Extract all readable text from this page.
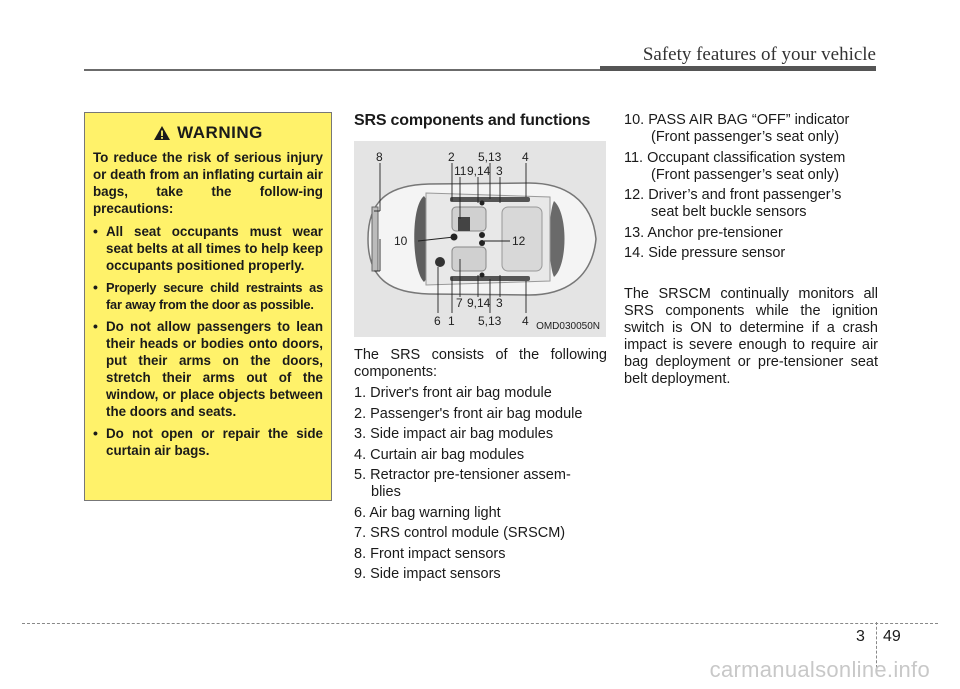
Safety features of your vehicle
WARNING

To reduce the risk of serious injury or death from an inflating curtain air bags, take the follow-ing precautions:

• All seat occupants must wear seat belts at all times to help keep occupants positioned properly.
• Properly secure child restraints as far away from the door as possible.
• Do not allow passengers to lean their heads or bodies onto doors, put their arms on the doors, stretch their arms out of the window, or place objects between the doors and seats.
• Do not open or repair the side curtain air bags.
SRS components and functions
8	2 5,13 4
11 9,14 3
10	12
7 9,14 3
6 1 5,13 4 OMD030050N

The SRS consists of the following components:

1. Driver's front air bag module
2. Passenger's front air bag module
3. Side impact air bag modules
4. Curtain air bag modules
5. Retractor pre-tensioner assem-
blies
6. Air bag warning light
7. SRS control module (SRSCM)
8. Front impact sensors
9. Side impact sensors
10. PASS AIR BAG “OFF” indicator
(Front passenger’s seat only)
11. Occupant classification system
(Front passenger’s seat only)
12. Driver’s and front passenger’s
seat belt buckle sensors
13. Anchor pre-tensioner
14. Side pressure sensor

The SRSCM continually monitors all SRS components while the ignition switch is ON to determine if a crash impact is severe enough to require air bag deployment or pre-tensioner seat belt deployment.

3 49
carmanualsonline.info
